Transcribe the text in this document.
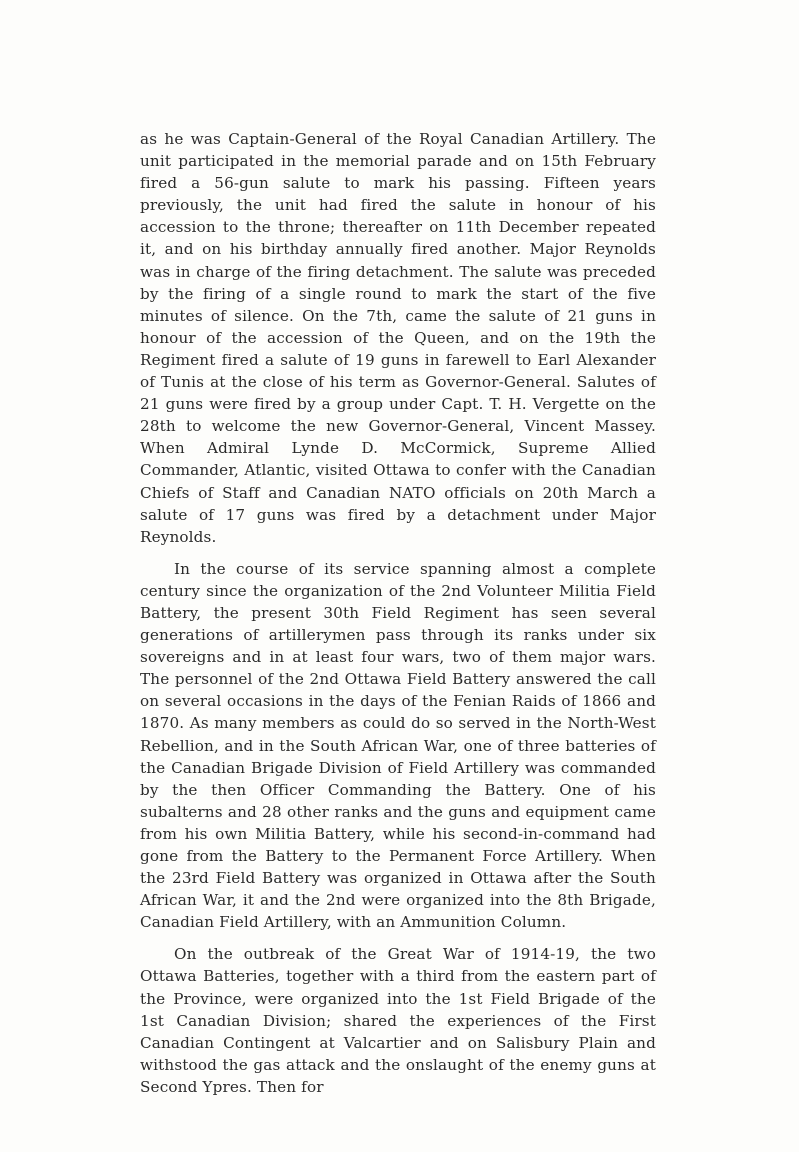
as he was Captain-General of the Royal Canadian Artillery. The unit participated in the memorial parade and on 15th February fired a 56-gun salute to mark his passing. Fifteen years previously, the unit had fired the salute in honour of his accession to the throne; thereafter on 11th December repeated it, and on his birthday annually fired another. Major Reynolds was in charge of the firing detachment. The salute was preceded by the firing of a single round to mark the start of the five minutes of silence. On the 7th, came the salute of 21 guns in honour of the accession of the Queen, and on the 19th the Regiment fired a salute of 19 guns in farewell to Earl Alexander of Tunis at the close of his term as Governor-General. Salutes of 21 guns were fired by a group under Capt. T. H. Vergette on the 28th to welcome the new Governor-General, Vincent Massey. When Admiral Lynde D. McCormick, Supreme Allied Commander, Atlantic, visited Ottawa to confer with the Canadian Chiefs of Staff and Canadian NATO officials on 20th March a salute of 17 guns was fired by a detachment under Major Reynolds.

In the course of its service spanning almost a complete century since the organization of the 2nd Volunteer Militia Field Battery, the present 30th Field Regiment has seen several generations of artillerymen pass through its ranks under six sovereigns and in at least four wars, two of them major wars. The personnel of the 2nd Ottawa Field Battery answered the call on several occasions in the days of the Fenian Raids of 1866 and 1870. As many members as could do so served in the North-West Rebellion, and in the South African War, one of three batteries of the Canadian Brigade Division of Field Artillery was commanded by the then Officer Commanding the Battery. One of his subalterns and 28 other ranks and the guns and equipment came from his own Militia Battery, while his second-in-command had gone from the Battery to the Permanent Force Artillery. When the 23rd Field Battery was organized in Ottawa after the South African War, it and the 2nd were organized into the 8th Brigade, Canadian Field Artillery, with an Ammunition Column.

On the outbreak of the Great War of 1914-19, the two Ottawa Batteries, together with a third from the eastern part of the Province, were organized into the 1st Field Brigade of the 1st Canadian Division; shared the experiences of the First Canadian Contingent at Valcartier and on Salisbury Plain and withstood the gas attack and the onslaught of the enemy guns at Second Ypres. Then for
